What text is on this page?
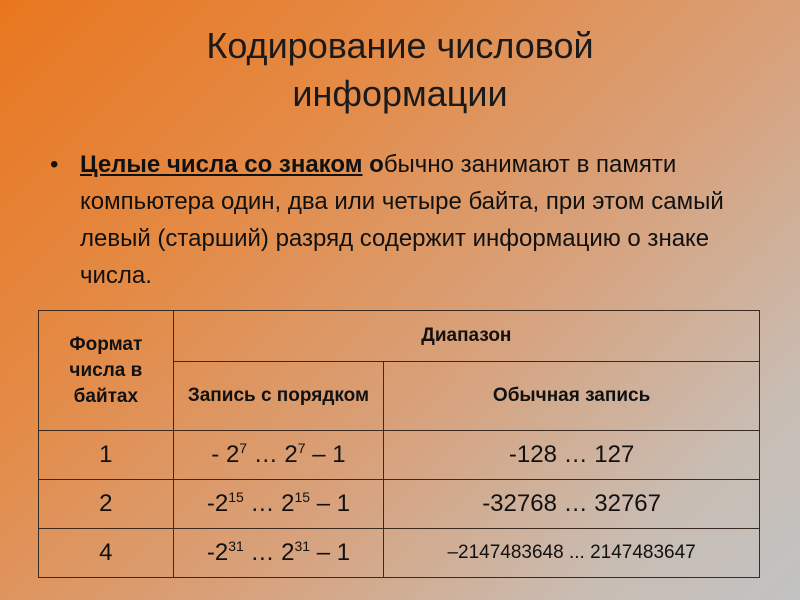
Кодирование числовой
информации
• Целые числа со знаком обычно занимают в памяти компьютера один, два или четыре байта, при этом самый левый (старший) разряд содержит информацию о знаке числа.
Формат числа в байтах	Диапазон	
	Запись с порядком	Обычная запись
1	- $2^7$ … $2^7 - 1$	-128 … 127
2	$-2^{15}$ … $2^{15} - 1$	-32768 … 32767
4	$-2^{31}$ … $2^{31} - 1$	–2147483648 ... 2147483647
